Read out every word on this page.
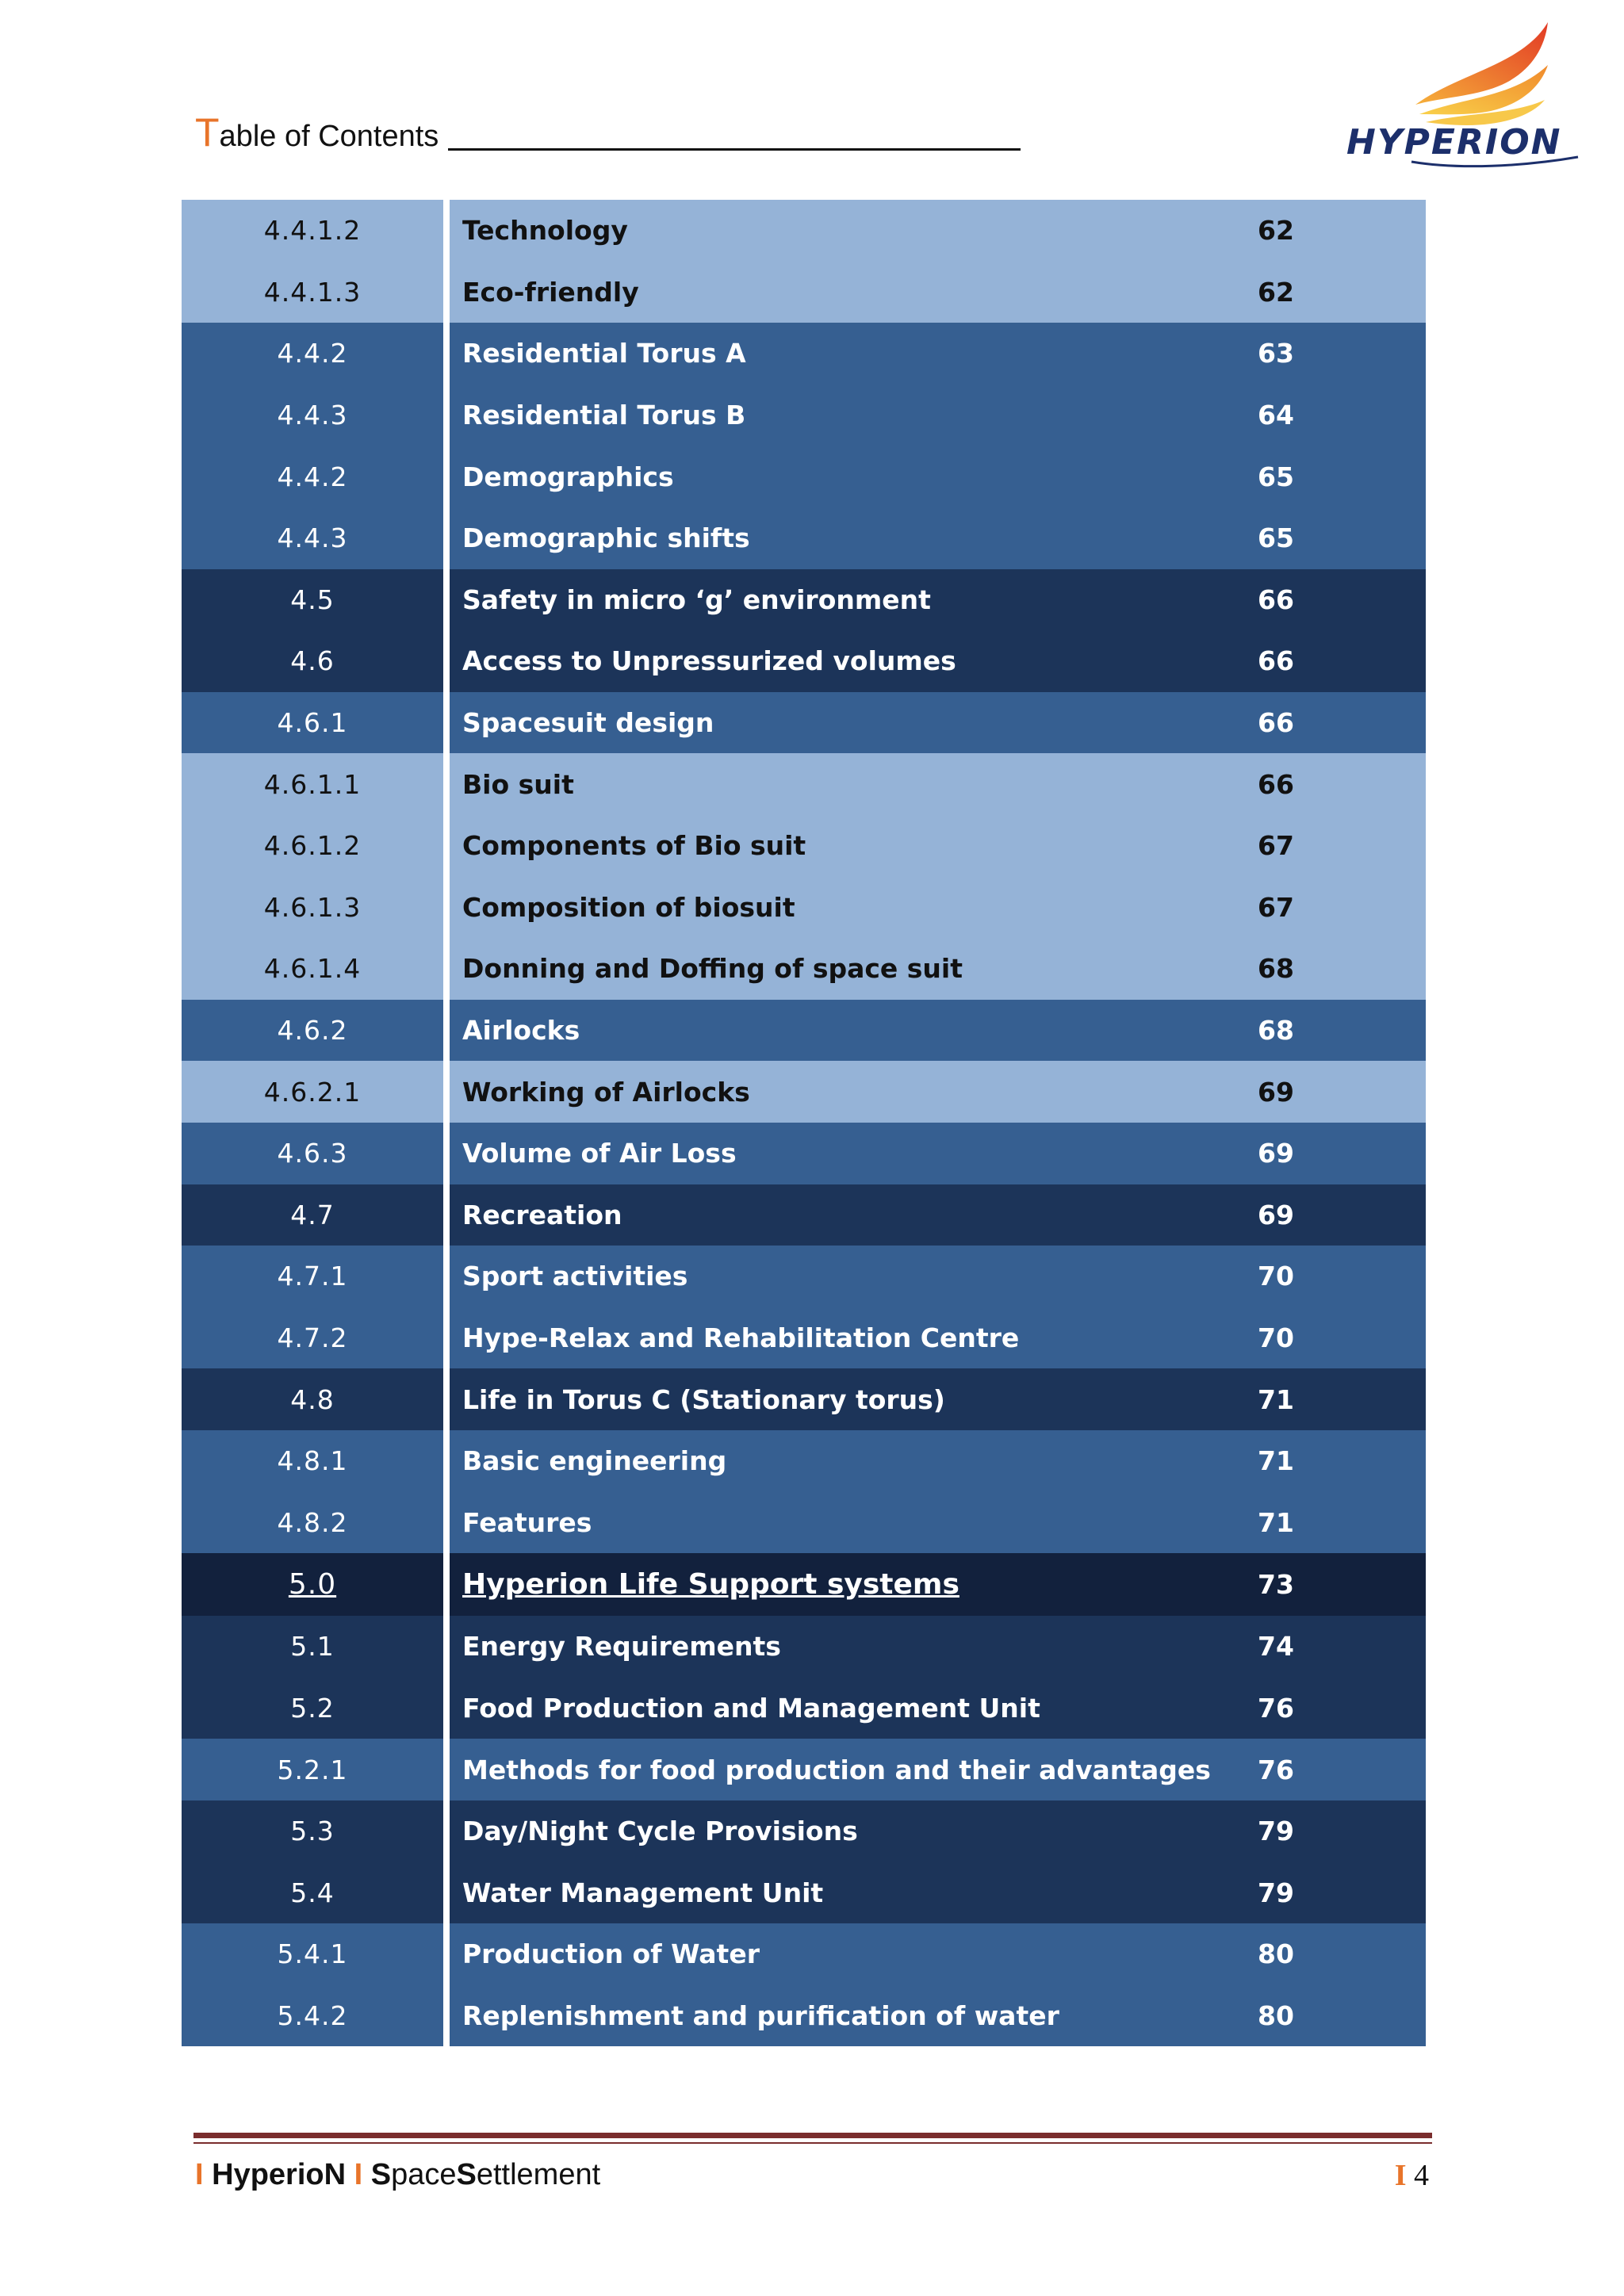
Table of Contents	HYPERION
4.4.1.2	Technology	62
4.4.1.3	Eco-friendly	62
4.4.2	Residential Torus A	63
4.4.3	Residential Torus B	64
4.4.2	Demographics	65
4.4.3	Demographic shifts	65
4.5	Safety in micro ‘g’ environment	66
4.6	Access to Unpressurized volumes	66
4.6.1	Spacesuit design	66
4.6.1.1	Bio suit	66
4.6.1.2	Components of Bio suit	67
4.6.1.3	Composition of biosuit	67
4.6.1.4	Donning and Doffing of space suit	68
4.6.2	Airlocks	68
4.6.2.1	Working of Airlocks	69
4.6.3	Volume of Air Loss	69
4.7	Recreation	69
4.7.1	Sport activities	70
4.7.2	Hype-Relax and Rehabilitation Centre	70
4.8	Life in Torus C (Stationary torus)	71
4.8.1	Basic engineering	71
4.8.2	Features	71
5.0	Hyperion Life Support systems	73
5.1	Energy Requirements	74
5.2	Food Production and Management Unit	76
5.2.1	Methods for food production and their advantages	76
5.3	Day/Night Cycle Provisions	79
5.4	Water Management Unit	79
5.4.1	Production of Water	80
5.4.2	Replenishment and purification of water	80
I HyperioN I SpaceSettlement	I 4
